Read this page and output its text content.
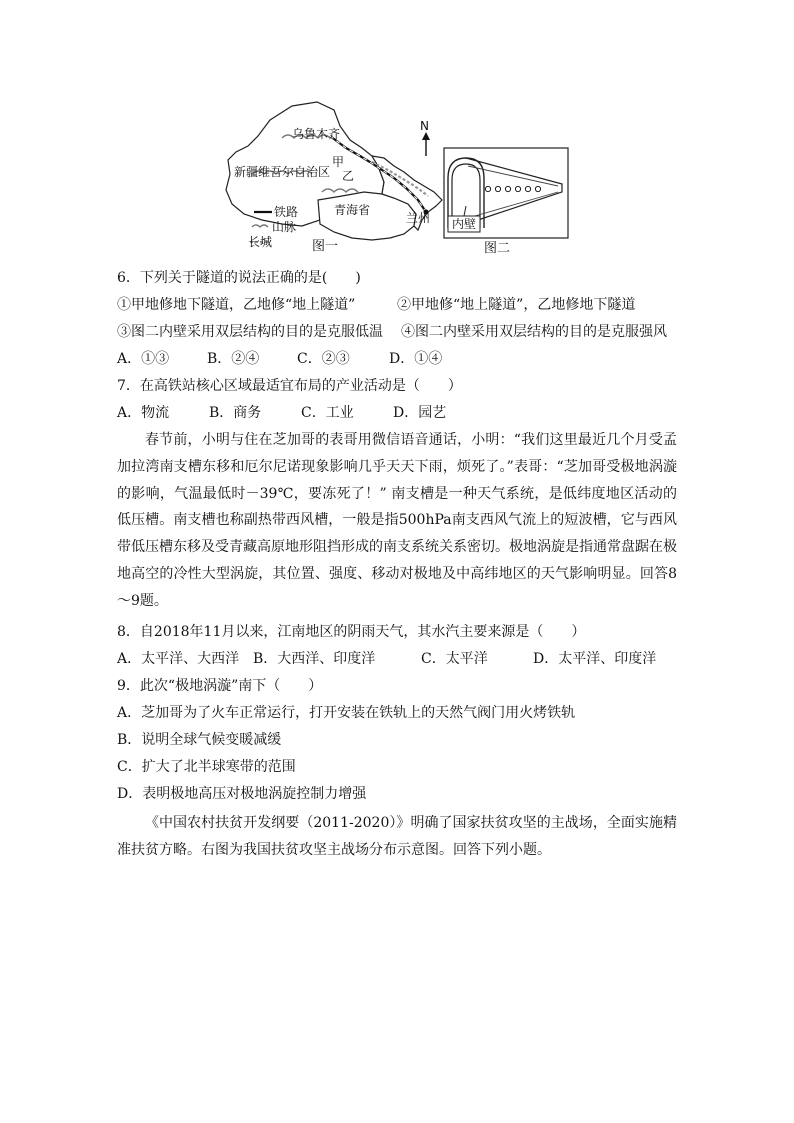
乌鲁木齐
新疆维吾尔自治区
甲
乙
青海省
兰州
铁路
山脉
长城	图一
N
内壁
图二
6．下列关于隧道的说法正确的是(　　)
①甲地修地下隧道，乙地修“地上隧道”	②甲地修“地上隧道”，乙地修地下隧道
③图二内壁采用双层结构的目的是克服低温 ④图二内壁采用双层结构的目的是克服强风
A．①③	B．②④	C．②③	D．①④
7．在高铁站核心区域最适宜布局的产业活动是（　　）
A．物流	B．商务	C．工业	D．园艺
春节前，小明与住在芝加哥的表哥用微信语音通话，小明：“我们这里最近几个月受孟加拉湾南支槽东移和厄尔尼诺现象影响几乎天天下雨，烦死了。”表哥：“芝加哥受极地涡漩的影响，气温最低时－39℃，要冻死了！” 南支槽是一种天气系统，是低纬度地区活动的低压槽。南支槽也称副热带西风槽，一般是指500hPa南支西风气流上的短波槽，它与西风带低压槽东移及受青藏高原地形阻挡形成的南支系统关系密切。极地涡旋是指通常盘踞在极地高空的冷性大型涡旋，其位置、强度、移动对极地及中高纬地区的天气影响明显。回答8～9题。
8．自2018年11月以来，江南地区的阴雨天气，其水汽主要来源是（　　）
A．太平洋、大西洋 B．大西洋、印度洋	C．太平洋	D．太平洋、印度洋
9．此次“极地涡漩”南下（　　）
A．芝加哥为了火车正常运行，打开安装在铁轨上的天然气阀门用火烤铁轨
B．说明全球气候变暖减缓
C．扩大了北半球寒带的范围
D．表明极地高压对极地涡旋控制力增强
《中国农村扶贫开发纲要（2011-2020）》明确了国家扶贫攻坚的主战场，全面实施精准扶贫方略。右图为我国扶贫攻坚主战场分布示意图。回答下列小题。
